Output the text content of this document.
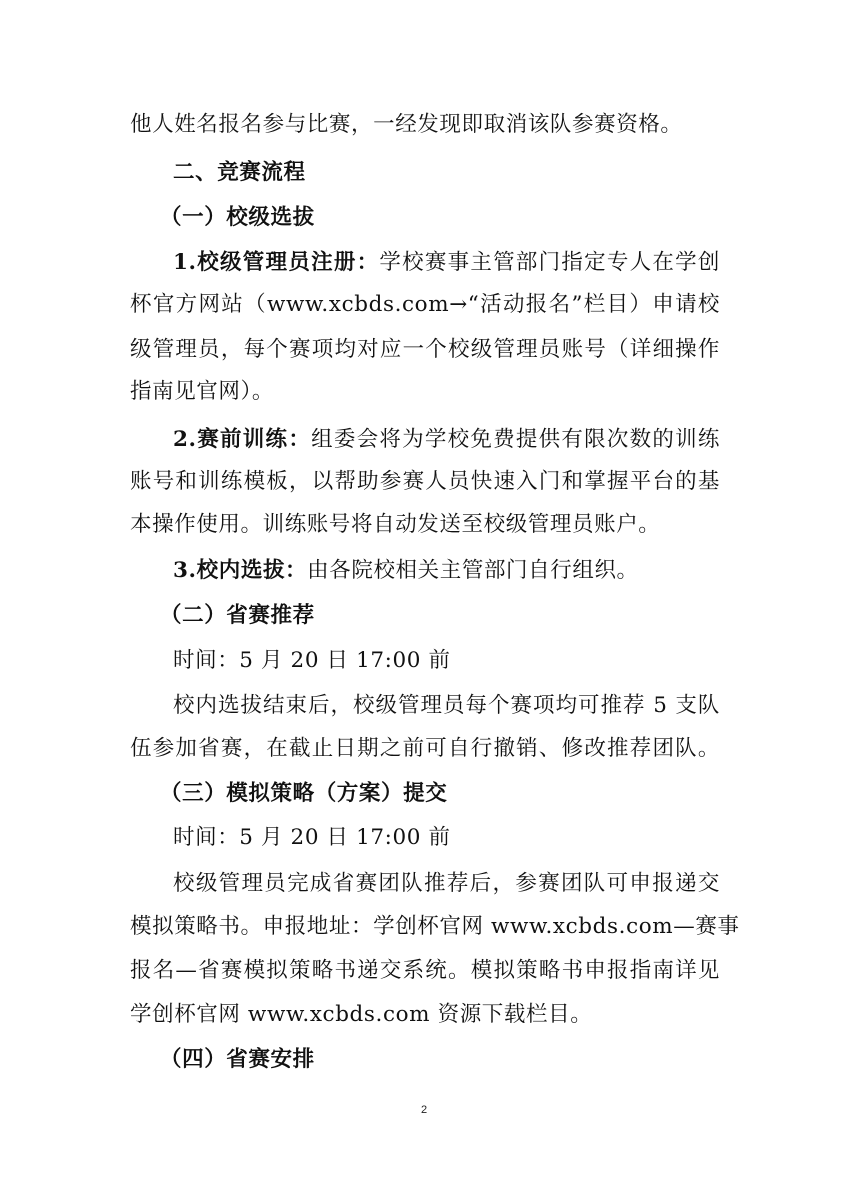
他人姓名报名参与比赛，一经发现即取消该队参赛资格。
二、竞赛流程
（一）校级选拔
1.校级管理员注册：学校赛事主管部门指定专人在学创
杯官方网站（www.xcbds.com→“活动报名”栏目）申请校
级管理员，每个赛项均对应一个校级管理员账号（详细操作
指南见官网）。
2.赛前训练：组委会将为学校免费提供有限次数的训练
账号和训练模板，以帮助参赛人员快速入门和掌握平台的基
本操作使用。训练账号将自动发送至校级管理员账户。
3.校内选拔：由各院校相关主管部门自行组织。
（二）省赛推荐
时间：5 月 20 日 17:00 前
校内选拔结束后，校级管理员每个赛项均可推荐 5 支队
伍参加省赛，在截止日期之前可自行撤销、修改推荐团队。
（三）模拟策略（方案）提交
时间：5 月 20 日 17:00 前
校级管理员完成省赛团队推荐后，参赛团队可申报递交
模拟策略书。申报地址：学创杯官网 www.xcbds.com—赛事
报名—省赛模拟策略书递交系统。模拟策略书申报指南详见
学创杯官网 www.xcbds.com 资源下载栏目。
（四）省赛安排
2
